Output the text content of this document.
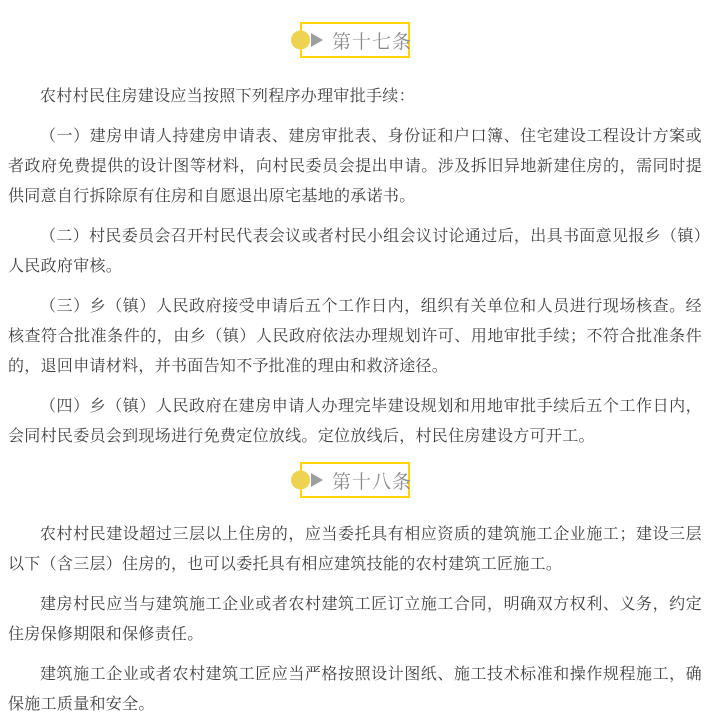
第十七条

农村村民住房建设应当按照下列程序办理审批手续：

（一）建房申请人持建房申请表、建房审批表、身份证和户口簿、住宅建设工程设计方案或者政府免费提供的设计图等材料，向村民委员会提出申请。涉及拆旧异地新建住房的，需同时提供同意自行拆除原有住房和自愿退出原宅基地的承诺书。

（二）村民委员会召开村民代表会议或者村民小组会议讨论通过后，出具书面意见报乡（镇）人民政府审核。

（三）乡（镇）人民政府接受申请后五个工作日内，组织有关单位和人员进行现场核查。经核查符合批准条件的，由乡（镇）人民政府依法办理规划许可、用地审批手续；不符合批准条件的，退回申请材料，并书面告知不予批准的理由和救济途径。

（四）乡（镇）人民政府在建房申请人办理完毕建设规划和用地审批手续后五个工作日内，会同村民委员会到现场进行免费定位放线。定位放线后，村民住房建设方可开工。

第十八条

农村村民建设超过三层以上住房的，应当委托具有相应资质的建筑施工企业施工；建设三层以下（含三层）住房的，也可以委托具有相应建筑技能的农村建筑工匠施工。

建房村民应当与建筑施工企业或者农村建筑工匠订立施工合同，明确双方权利、义务，约定住房保修期限和保修责任。

建筑施工企业或者农村建筑工匠应当严格按照设计图纸、施工技术标准和操作规程施工，确保施工质量和安全。
